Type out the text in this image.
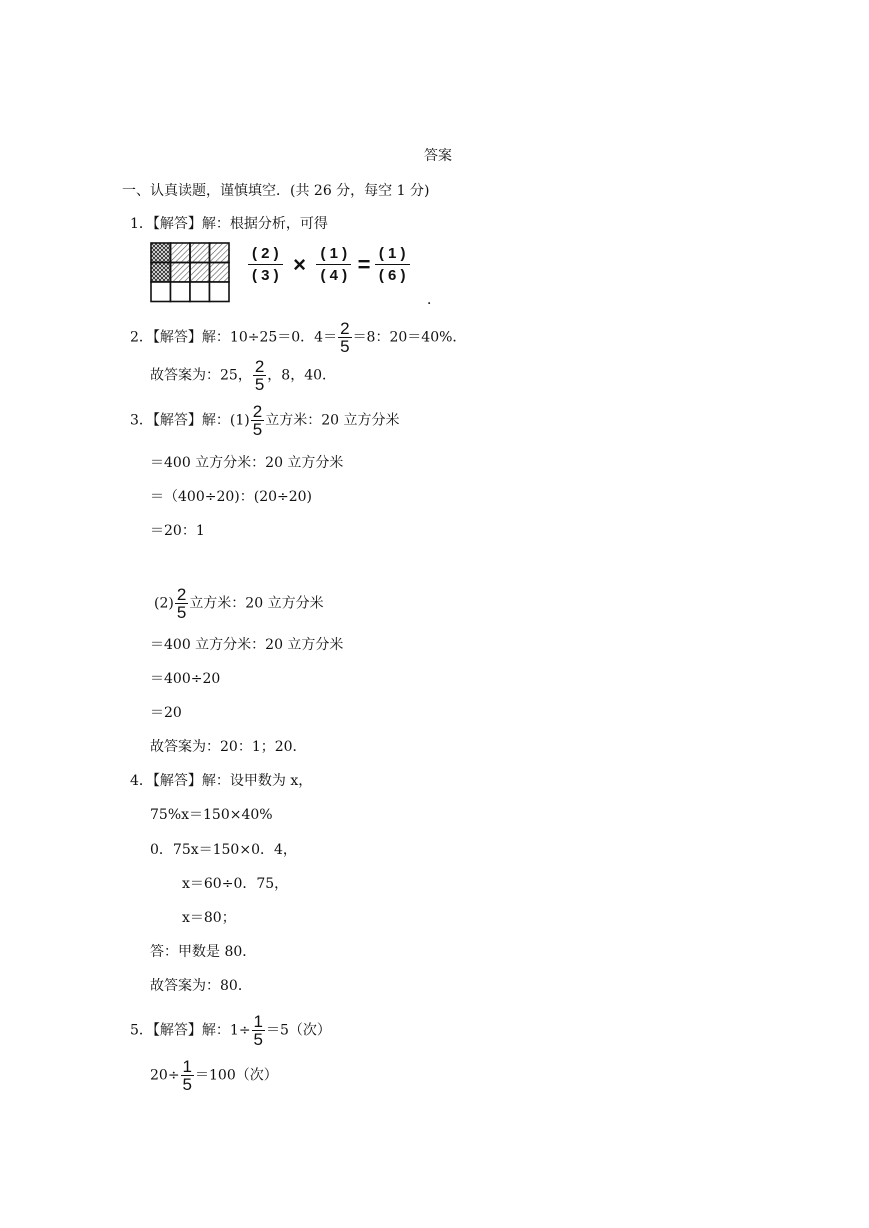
答案
一、认真读题，谨慎填空．(共 26 分，每空 1 分)
1．【解答】解：根据分析，可得
$\frac{( 2 )}{( 3 )} \times \frac{( 1 )}{( 4 )} = \frac{( 1 )}{( 6 )}$
．
2．【解答】解：10÷25＝0．$4= \frac{2}{5} =8$：20＝40%．
故答案为：25， $\frac{2}{5}$ ，8，40．
3．【解答】解：$(1) \frac{2}{5}$ 立方米：20 立方分米
＝400 立方分米：20 立方分米
＝（400÷20)：(20÷20)
＝20：1
$(2) \frac{2}{5}$ 立方米：20 立方分米
＝400 立方分米：20 立方分米
＝400÷20
＝20
故答案为：20：1；20．
4．【解答】解：设甲数为 x，
75%x＝150×40%
0．75x＝150×0．4，
x＝60÷0．75，
x＝80；
答：甲数是 80．
故答案为：80．
5．【解答】解：$1\div \frac{1}{5} =5$（次）
$20\div \frac{1}{5} =100$（次）
